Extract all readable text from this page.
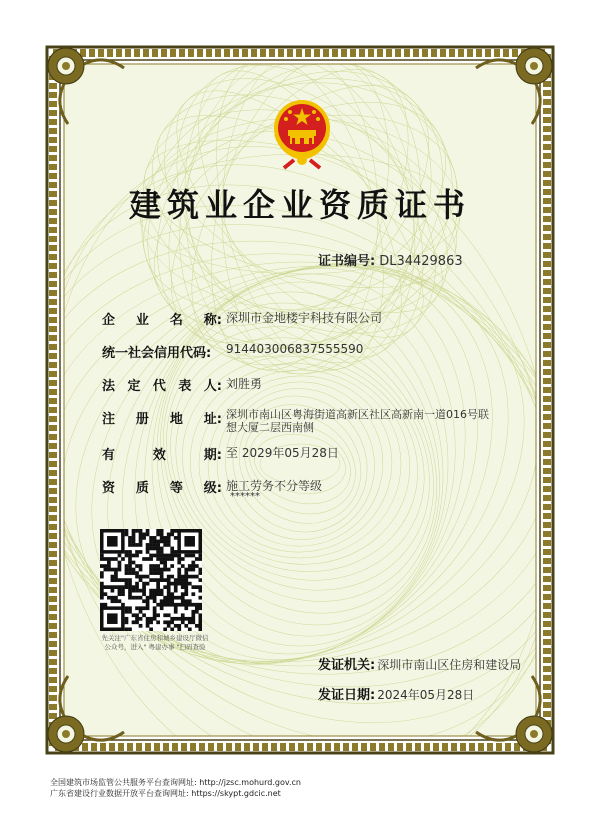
建筑业企业资质证书
证书编号: DL34429863
企 业 名 称: 深圳市金地楼宇科技有限公司
统一社会信用代码: 914403006837555590
法 定 代 表 人: 刘胜勇
注 册 地 址: 深圳市南山区粤海街道高新区社区高新南一道016号联想大厦二层西南侧
有	效	期: 至 2029年05月28日
资 质 等 级: 施工劳务不分等级
******
先关注"广东省住房和城乡建设厅微信公众号，进入" 粤建办事 "扫码查验
发证机关: 深圳市南山区住房和建设局
发证日期: 2024年05月28日
全国建筑市场监管公共服务平台查询网址: http://jzsc.mohurd.gov.cn
广东省建设行业数据开放平台查询网址: https://skypt.gdcic.net
